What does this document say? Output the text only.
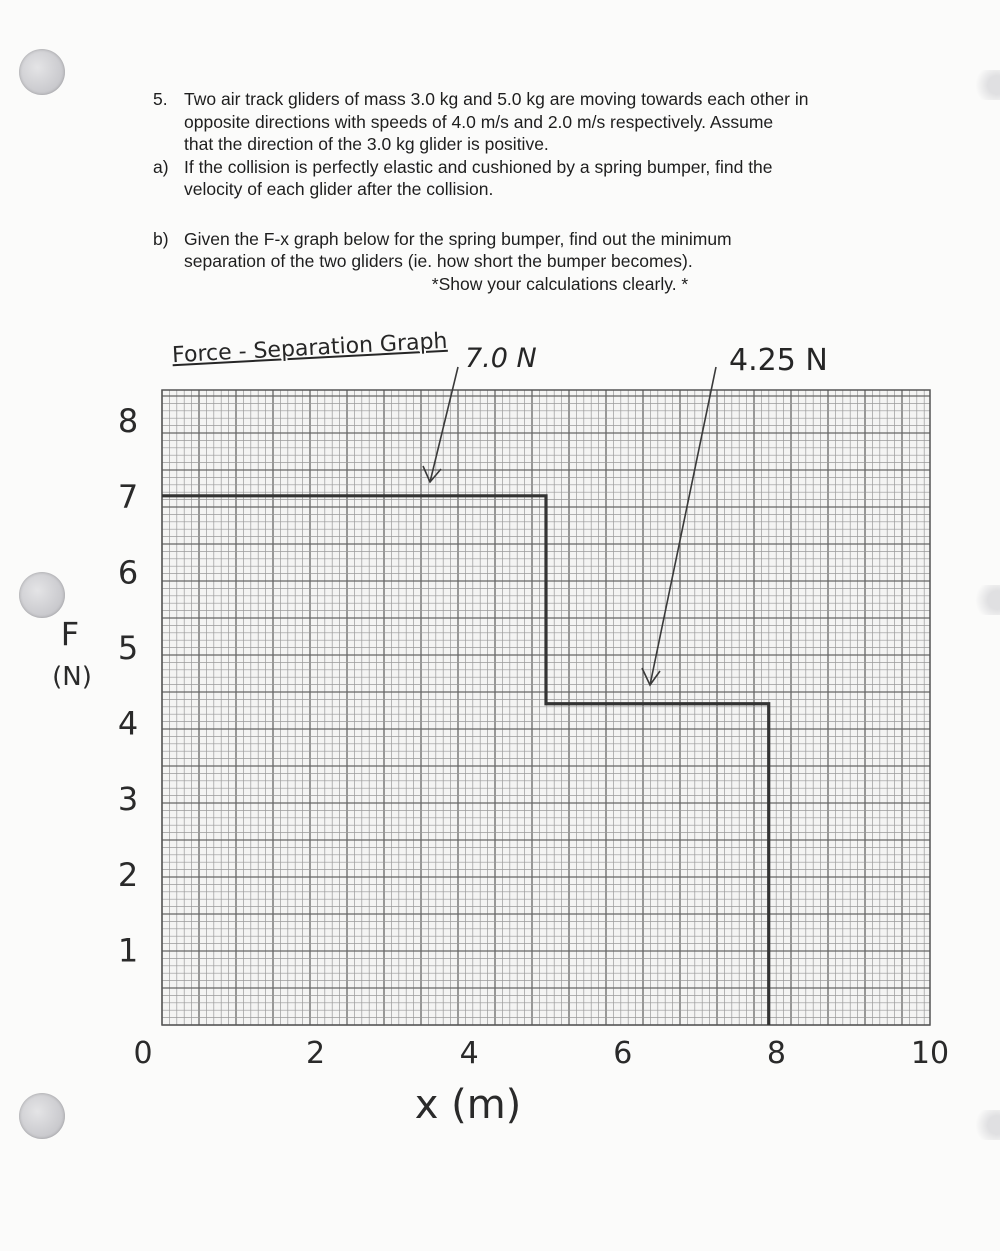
5. Two air track gliders of mass 3.0 kg and 5.0 kg are moving towards each other in
opposite directions with speeds of 4.0 m/s and 2.0 m/s respectively. Assume
that the direction of the 3.0 kg glider is positive.
a) If the collision is perfectly elastic and cushioned by a spring bumper, find the
velocity of each glider after the collision.
b) Given the F-x graph below for the spring bumper, find out the minimum
separation of the two gliders (ie. how short the bumper becomes).
*Show your calculations clearly. *
Force - Separation Graph 7.0 N	4.25 N
1
2
3
4
5
6
7
8
0	2	4	6	8	10
F
(N)
x (m)
